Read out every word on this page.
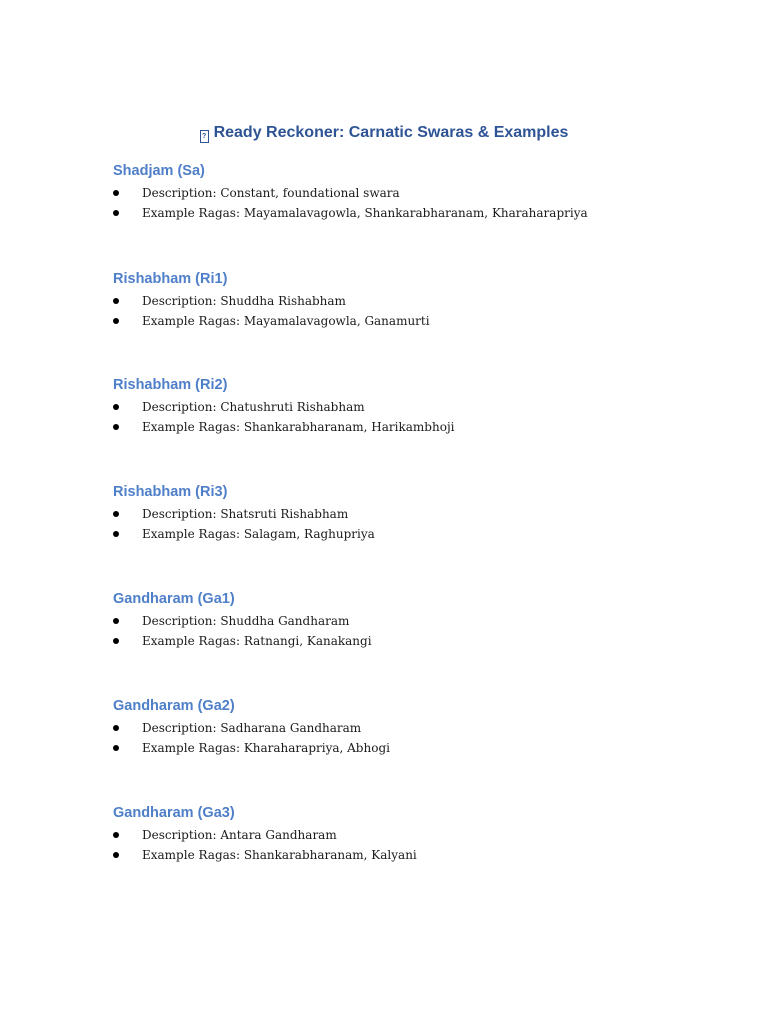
? Ready Reckoner: Carnatic Swaras & Examples
Shadjam (Sa)
Description: Constant, foundational swara
Example Ragas: Mayamalavagowla, Shankarabharanam, Kharaharapriya
Rishabham (Ri1)
Description: Shuddha Rishabham
Example Ragas: Mayamalavagowla, Ganamurti
Rishabham (Ri2)
Description: Chatushruti Rishabham
Example Ragas: Shankarabharanam, Harikambhoji
Rishabham (Ri3)
Description: Shatsruti Rishabham
Example Ragas: Salagam, Raghupriya
Gandharam (Ga1)
Description: Shuddha Gandharam
Example Ragas: Ratnangi, Kanakangi
Gandharam (Ga2)
Description: Sadharana Gandharam
Example Ragas: Kharaharapriya, Abhogi
Gandharam (Ga3)
Description: Antara Gandharam
Example Ragas: Shankarabharanam, Kalyani
